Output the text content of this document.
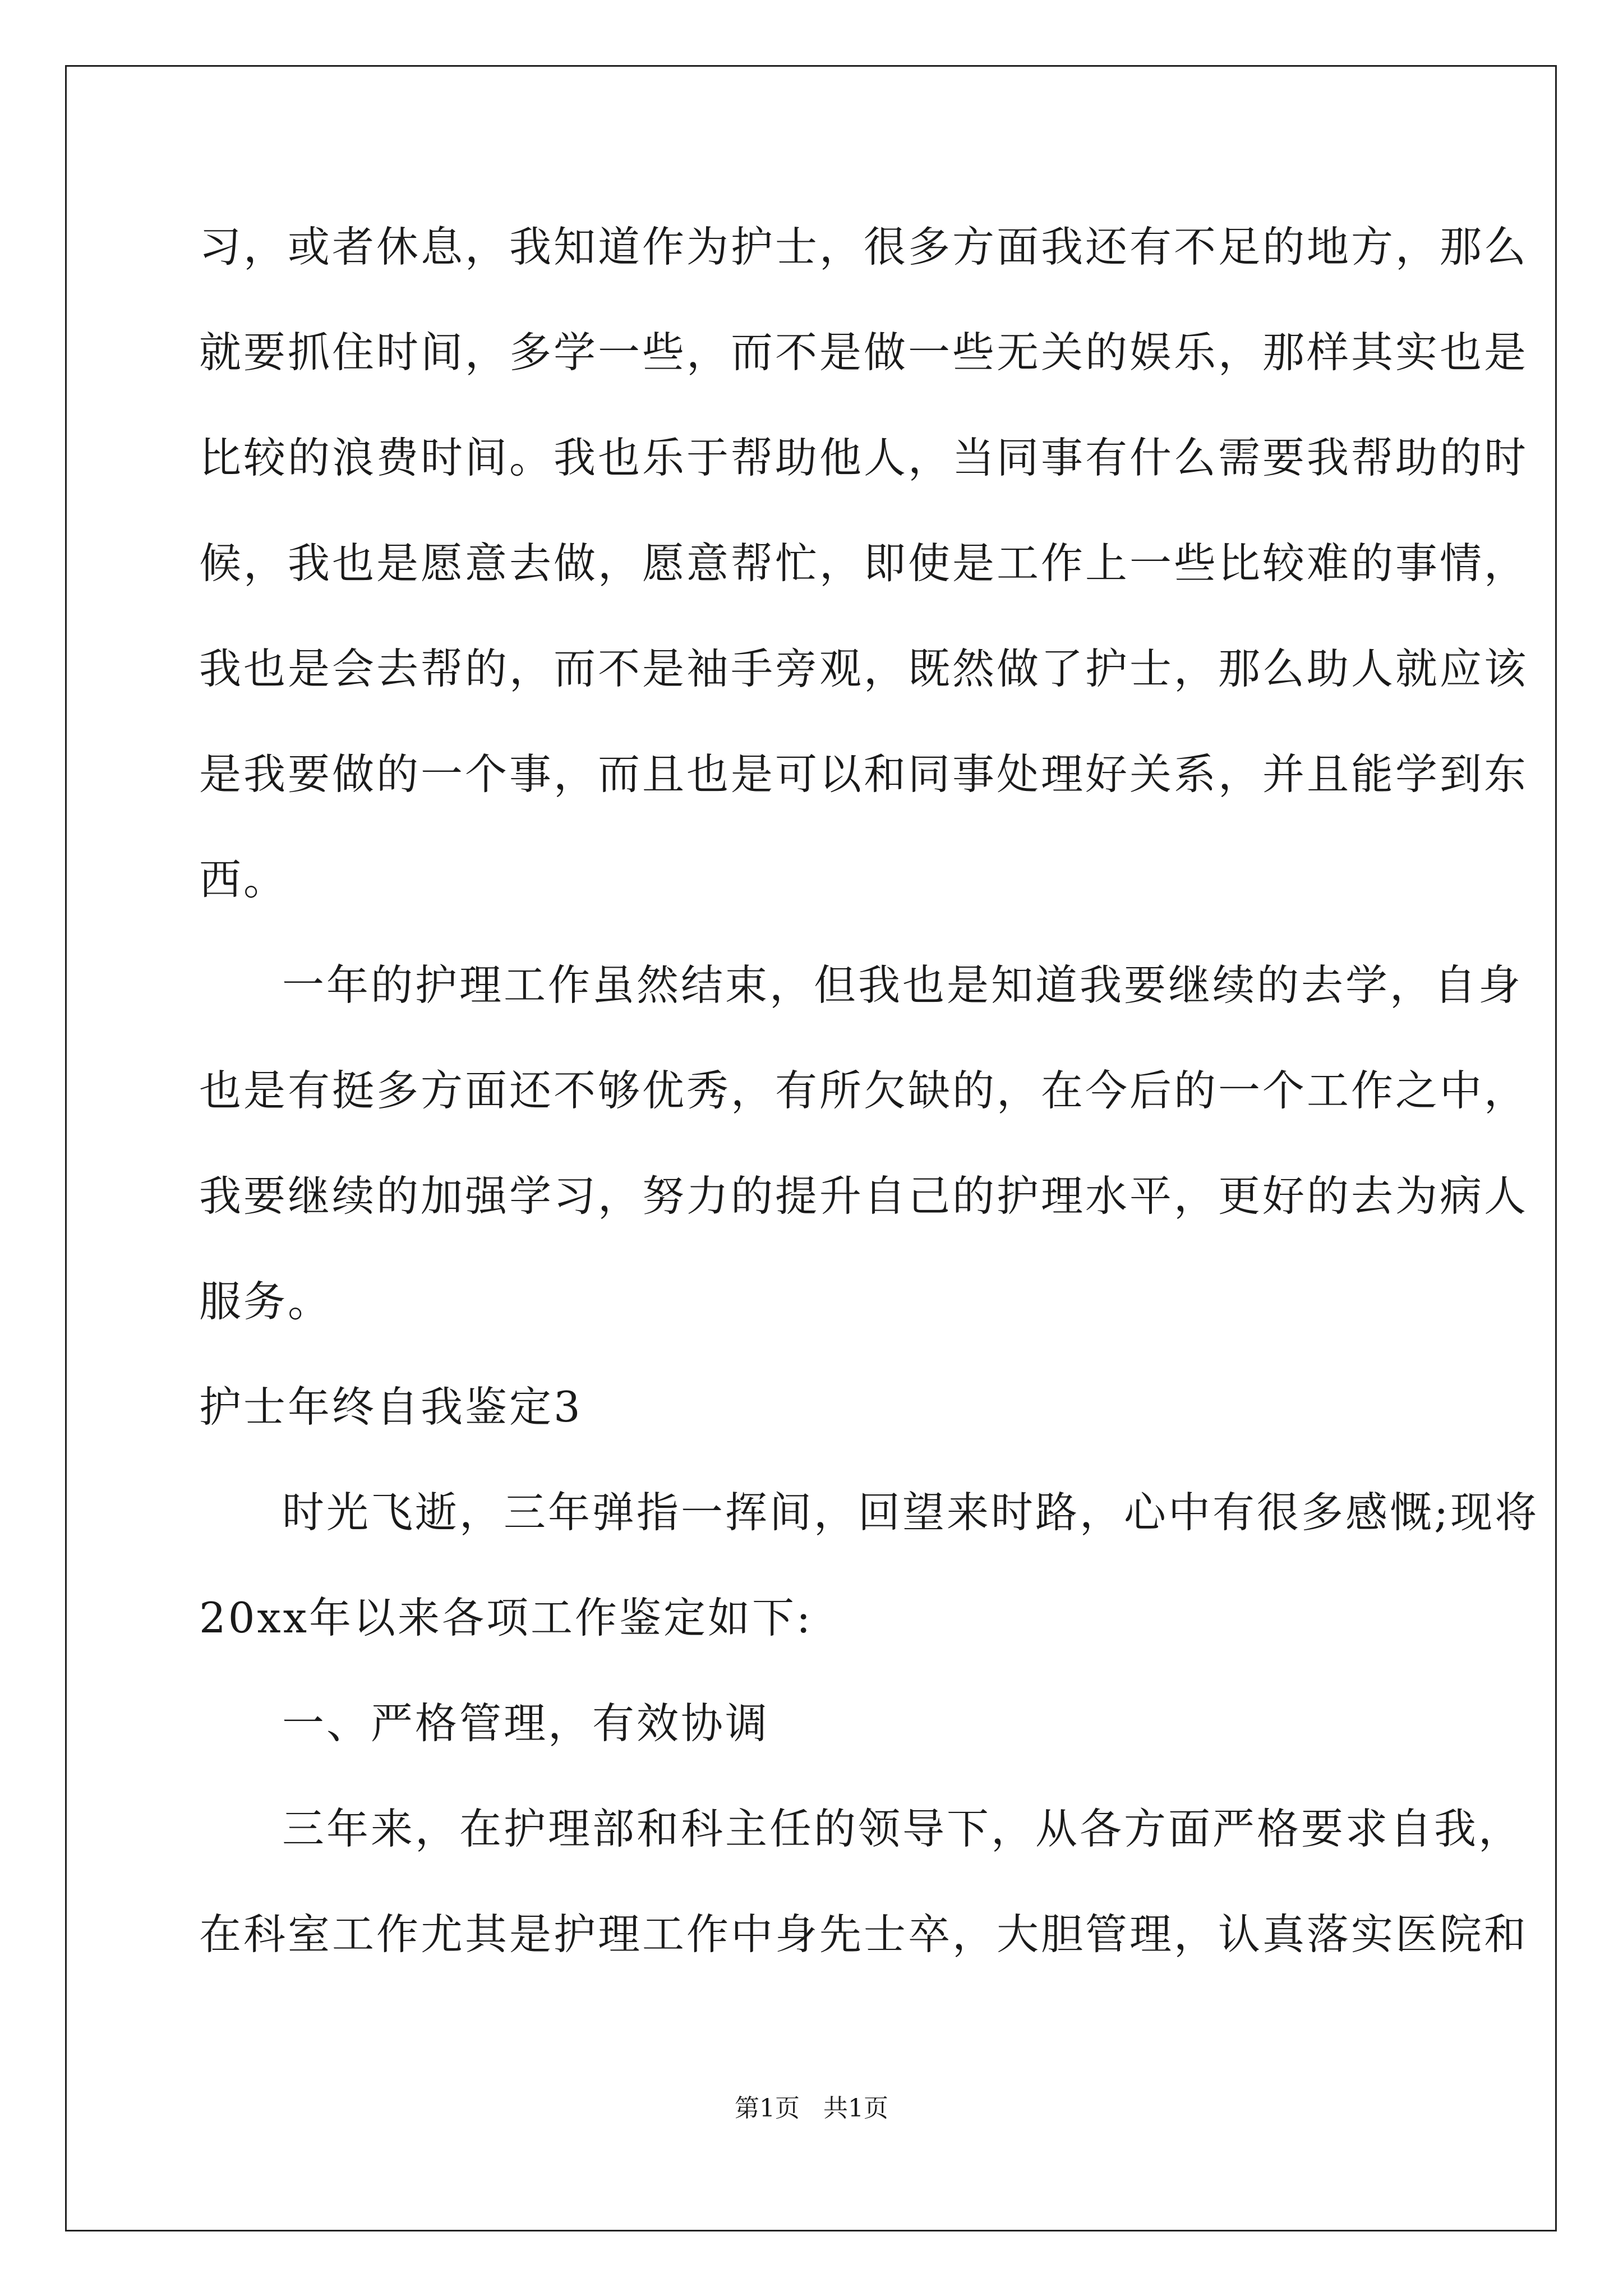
习，或者休息，我知道作为护士，很多方面我还有不足的地方，那么
就要抓住时间，多学一些，而不是做一些无关的娱乐，那样其实也是
比较的浪费时间。我也乐于帮助他人，当同事有什么需要我帮助的时
候，我也是愿意去做，愿意帮忙，即使是工作上一些比较难的事情，
我也是会去帮的，而不是袖手旁观，既然做了护士，那么助人就应该
是我要做的一个事，而且也是可以和同事处理好关系，并且能学到东
西。
一年的护理工作虽然结束，但我也是知道我要继续的去学，自身
也是有挺多方面还不够优秀，有所欠缺的，在今后的一个工作之中，
我要继续的加强学习，努力的提升自己的护理水平，更好的去为病人
服务。
护士年终自我鉴定3
时光飞逝，三年弹指一挥间，回望来时路，心中有很多感慨;现将
20xx年以来各项工作鉴定如下:
一、严格管理，有效协调
三年来，在护理部和科主任的领导下，从各方面严格要求自我，
在科室工作尤其是护理工作中身先士卒，大胆管理，认真落实医院和
第1页   共1页
